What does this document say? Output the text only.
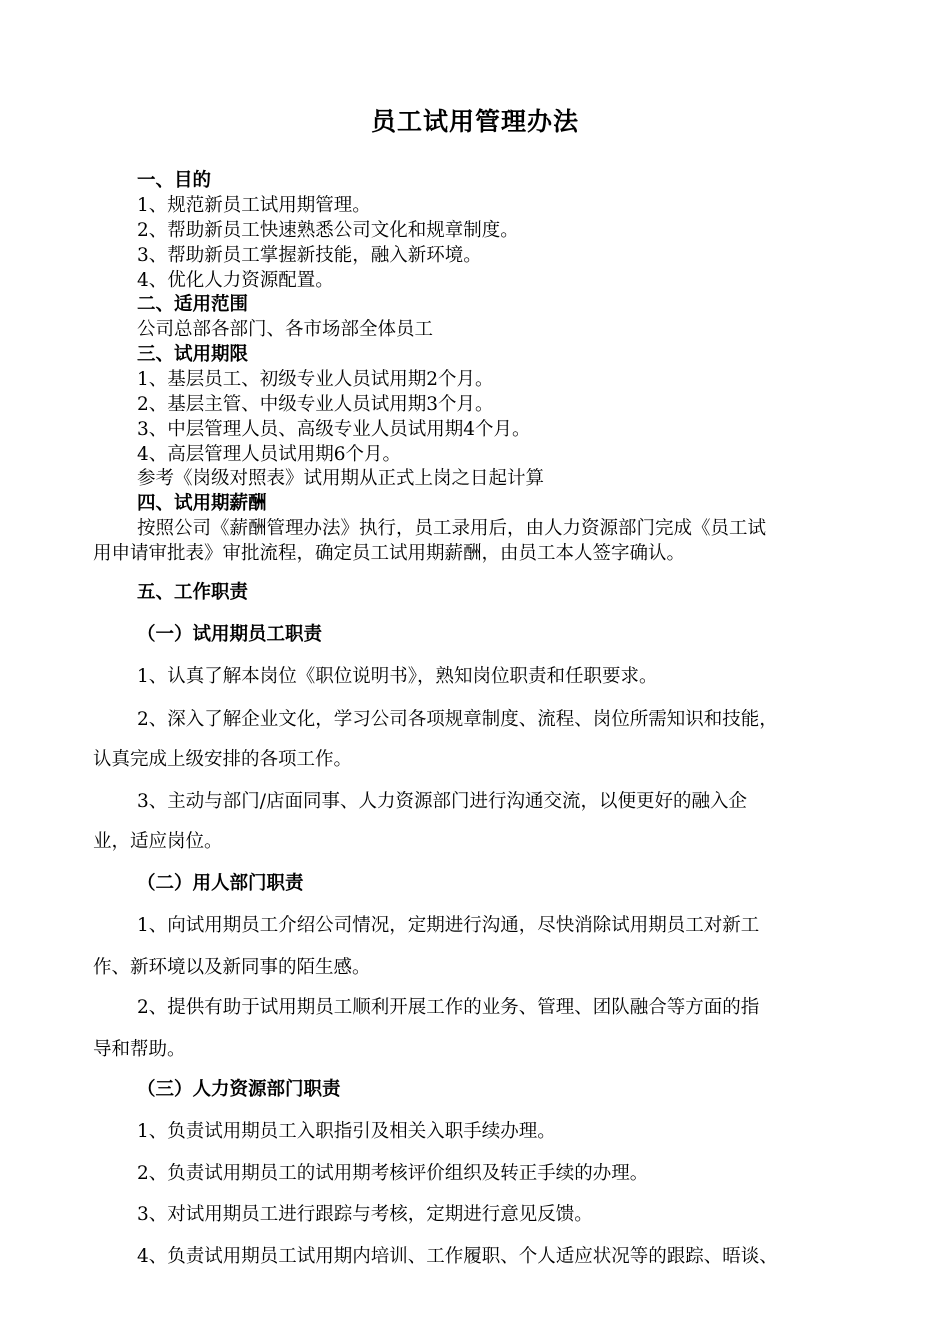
员工试用管理办法
一、目的
1、规范新员工试用期管理。
2、帮助新员工快速熟悉公司文化和规章制度。
3、帮助新员工掌握新技能，融入新环境。
4、优化人力资源配置。
二、适用范围
公司总部各部门、各市场部全体员工
三、试用期限
1、基层员工、初级专业人员试用期2个月。
2、基层主管、中级专业人员试用期3个月。
3、中层管理人员、高级专业人员试用期4个月。
4、高层管理人员试用期6个月。
参考《岗级对照表》试用期从正式上岗之日起计算
四、试用期薪酬
按照公司《薪酬管理办法》执行，员工录用后，由人力资源部门完成《员工试
用申请审批表》审批流程，确定员工试用期薪酬，由员工本人签字确认。
五、工作职责
（一）试用期员工职责
1、认真了解本岗位《职位说明书》，熟知岗位职责和任职要求。
2、深入了解企业文化，学习公司各项规章制度、流程、岗位所需知识和技能，
认真完成上级安排的各项工作。
3、主动与部门/店面同事、人力资源部门进行沟通交流，以便更好的融入企
业，适应岗位。
（二）用人部门职责
1、向试用期员工介绍公司情况，定期进行沟通，尽快消除试用期员工对新工
作、新环境以及新同事的陌生感。
2、提供有助于试用期员工顺利开展工作的业务、管理、团队融合等方面的指
导和帮助。
（三）人力资源部门职责
1、负责试用期员工入职指引及相关入职手续办理。
2、负责试用期员工的试用期考核评价组织及转正手续的办理。
3、对试用期员工进行跟踪与考核，定期进行意见反馈。
4、负责试用期员工试用期内培训、工作履职、个人适应状况等的跟踪、晤谈、
